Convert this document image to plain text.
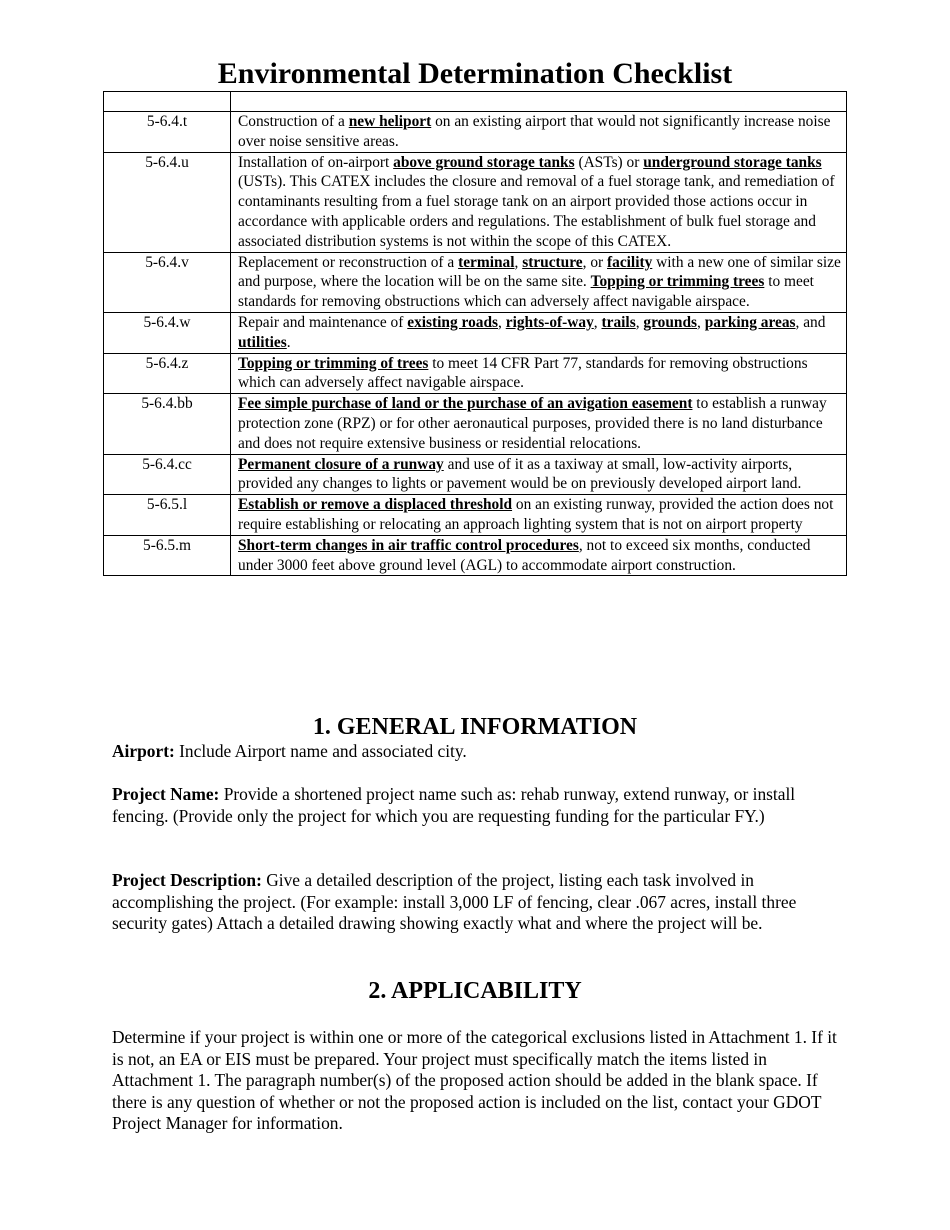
Environmental Determination Checklist

5-6.4.t	Construction of a new heliport on an existing airport that would not significantly increase noise over noise sensitive areas.
5-6.4.u	Installation of on-airport above ground storage tanks (ASTs) or underground storage tanks (USTs). This CATEX includes the closure and removal of a fuel storage tank, and remediation of contaminants resulting from a fuel storage tank on an airport provided those actions occur in accordance with applicable orders and regulations. The establishment of bulk fuel storage and associated distribution systems is not within the scope of this CATEX.
5-6.4.v	Replacement or reconstruction of a terminal, structure, or facility with a new one of similar size and purpose, where the location will be on the same site. Topping or trimming trees to meet standards for removing obstructions which can adversely affect navigable airspace.
5-6.4.w	Repair and maintenance of existing roads, rights-of-way, trails, grounds, parking areas, and utilities.
5-6.4.z	Topping or trimming of trees to meet 14 CFR Part 77, standards for removing obstructions which can adversely affect navigable airspace.
5-6.4.bb	Fee simple purchase of land or the purchase of an avigation easement to establish a runway protection zone (RPZ) or for other aeronautical purposes, provided there is no land disturbance and does not require extensive business or residential relocations.
5-6.4.cc	Permanent closure of a runway and use of it as a taxiway at small, low-activity airports, provided any changes to lights or pavement would be on previously developed airport land.
5-6.5.l	Establish or remove a displaced threshold on an existing runway, provided the action does not require establishing or relocating an approach lighting system that is not on airport property
5-6.5.m	Short-term changes in air traffic control procedures, not to exceed six months, conducted under 3000 feet above ground level (AGL) to accommodate airport construction.
1. GENERAL INFORMATION

Airport: Include Airport name and associated city.

Project Name: Provide a shortened project name such as: rehab runway, extend runway, or install fencing. (Provide only the project for which you are requesting funding for the particular FY.)

Project Description: Give a detailed description of the project, listing each task involved in accomplishing the project. (For example: install 3,000 LF of fencing, clear .067 acres, install three security gates) Attach a detailed drawing showing exactly what and where the project will be.

2. APPLICABILITY

Determine if your project is within one or more of the categorical exclusions listed in Attachment 1. If it is not, an EA or EIS must be prepared. Your project must specifically match the items listed in Attachment 1. The paragraph number(s) of the proposed action should be added in the blank space. If there is any question of whether or not the proposed action is included on the list, contact your GDOT Project Manager for information.
